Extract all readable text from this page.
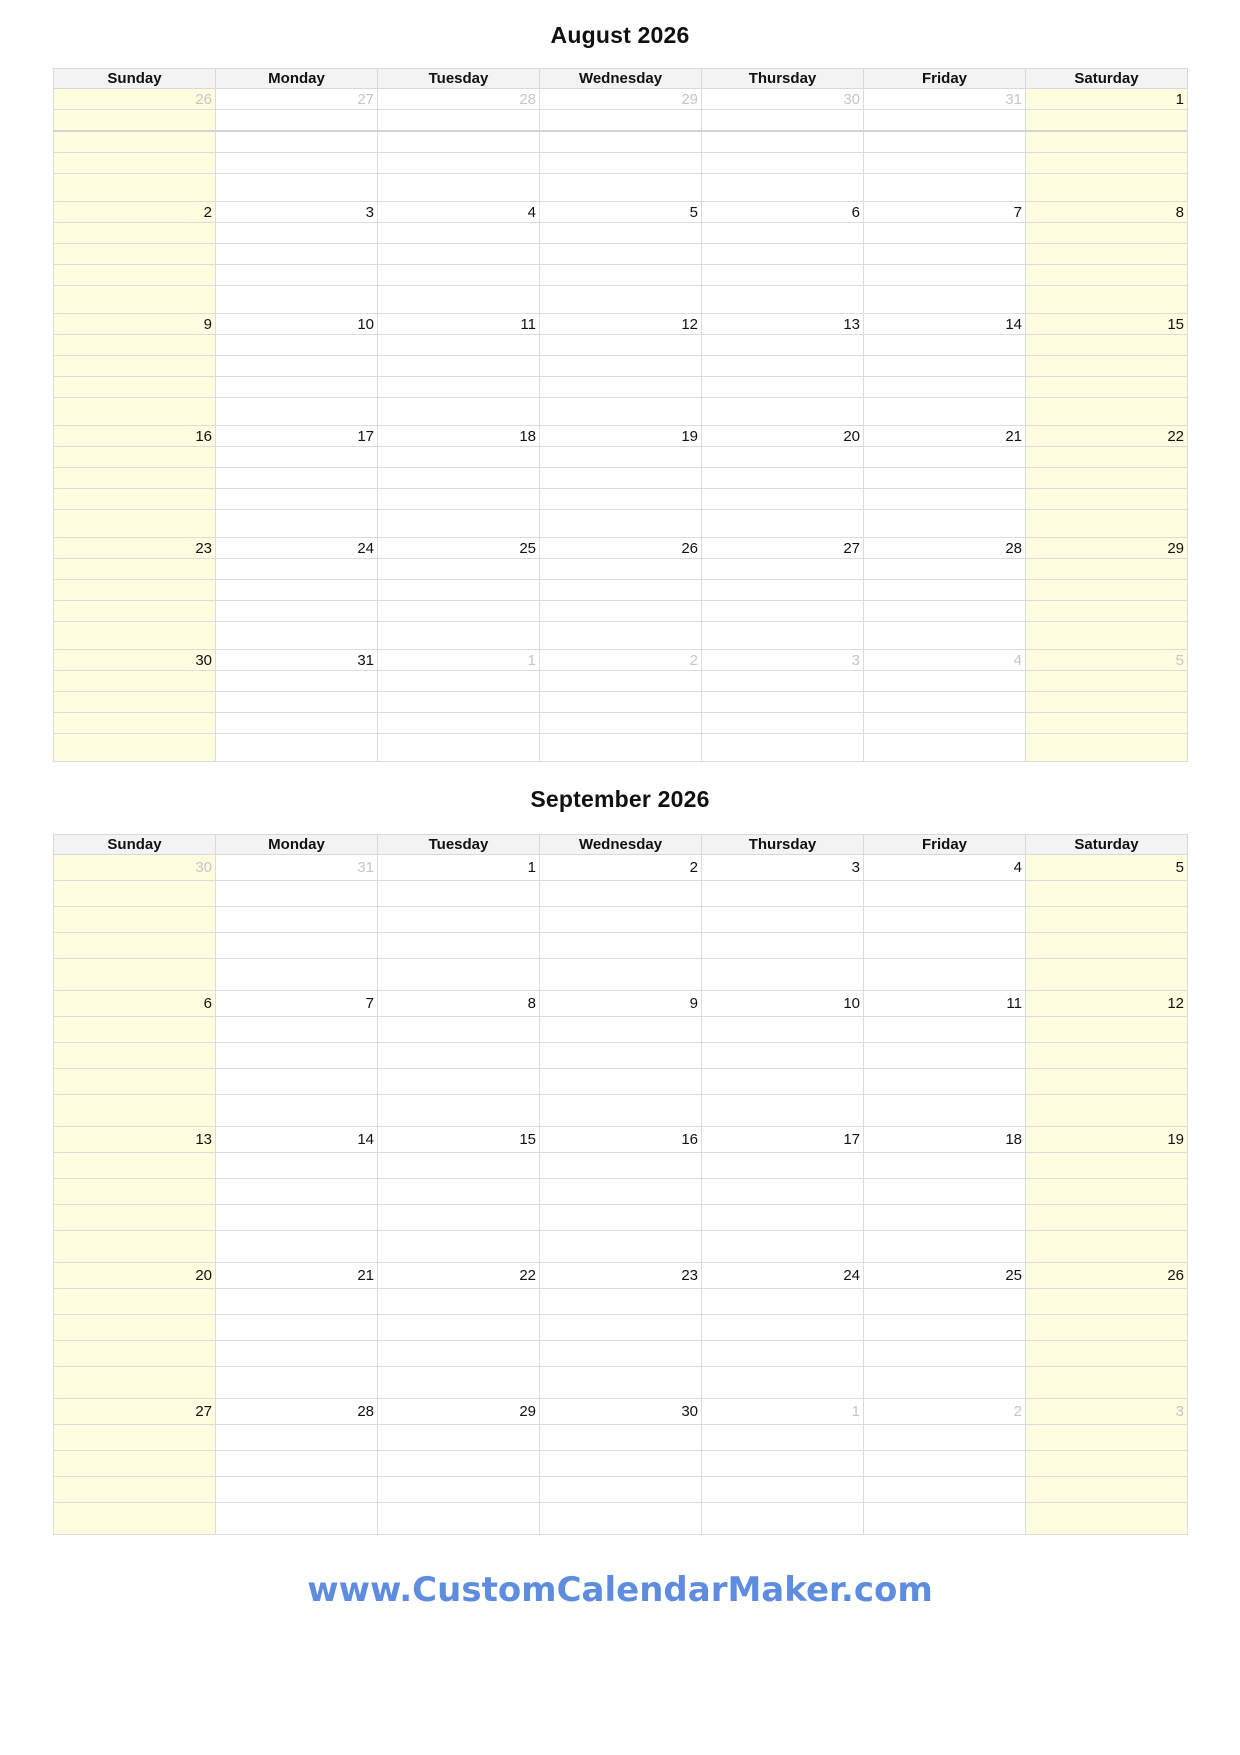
August 2026
Sunday	Monday	Tuesday	Wednesday	Thursday	Friday	Saturday
26	27	28	29	30	31	1

2	3	4	5	6	7	8

9	10	11	12	13	14	15

16	17	18	19	20	21	22

23	24	25	26	27	28	29

30	31	1	2	3	4	5

September 2026
Sunday	Monday	Tuesday	Wednesday	Thursday	Friday	Saturday
30	31	1	2	3	4	5

6	7	8	9	10	11	12

13	14	15	16	17	18	19

20	21	22	23	24	25	26

27	28	29	30	1	2	3

www.CustomCalendarMaker.com
